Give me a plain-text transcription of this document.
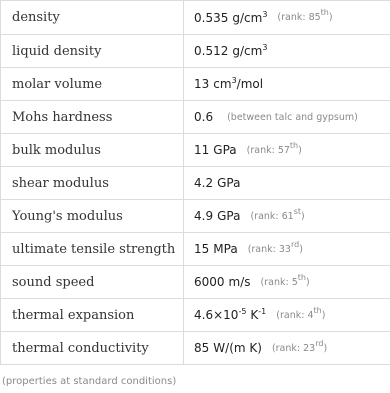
density	0.535 $g/cm^3$ (rank: 85th)
liquid density	0.512 $g/cm^3$
molar volume	13 $cm^3$/mol
Mohs hardness	0.6 (between talc and gypsum)
bulk modulus	11 GPa (rank: 57th)
shear modulus	4.2 GPa
Young's modulus	4.9 GPa (rank: 61st)
ultimate tensile strength	15 MPa (rank: 33rd)
sound speed	6000 m/s (rank: 5th)
thermal expansion	$4.6\times 10^{-5}$ $K^{-1}$ (rank: 4th)
thermal conductivity	85 W/(m K) (rank: 23rd)
(properties at standard conditions)
